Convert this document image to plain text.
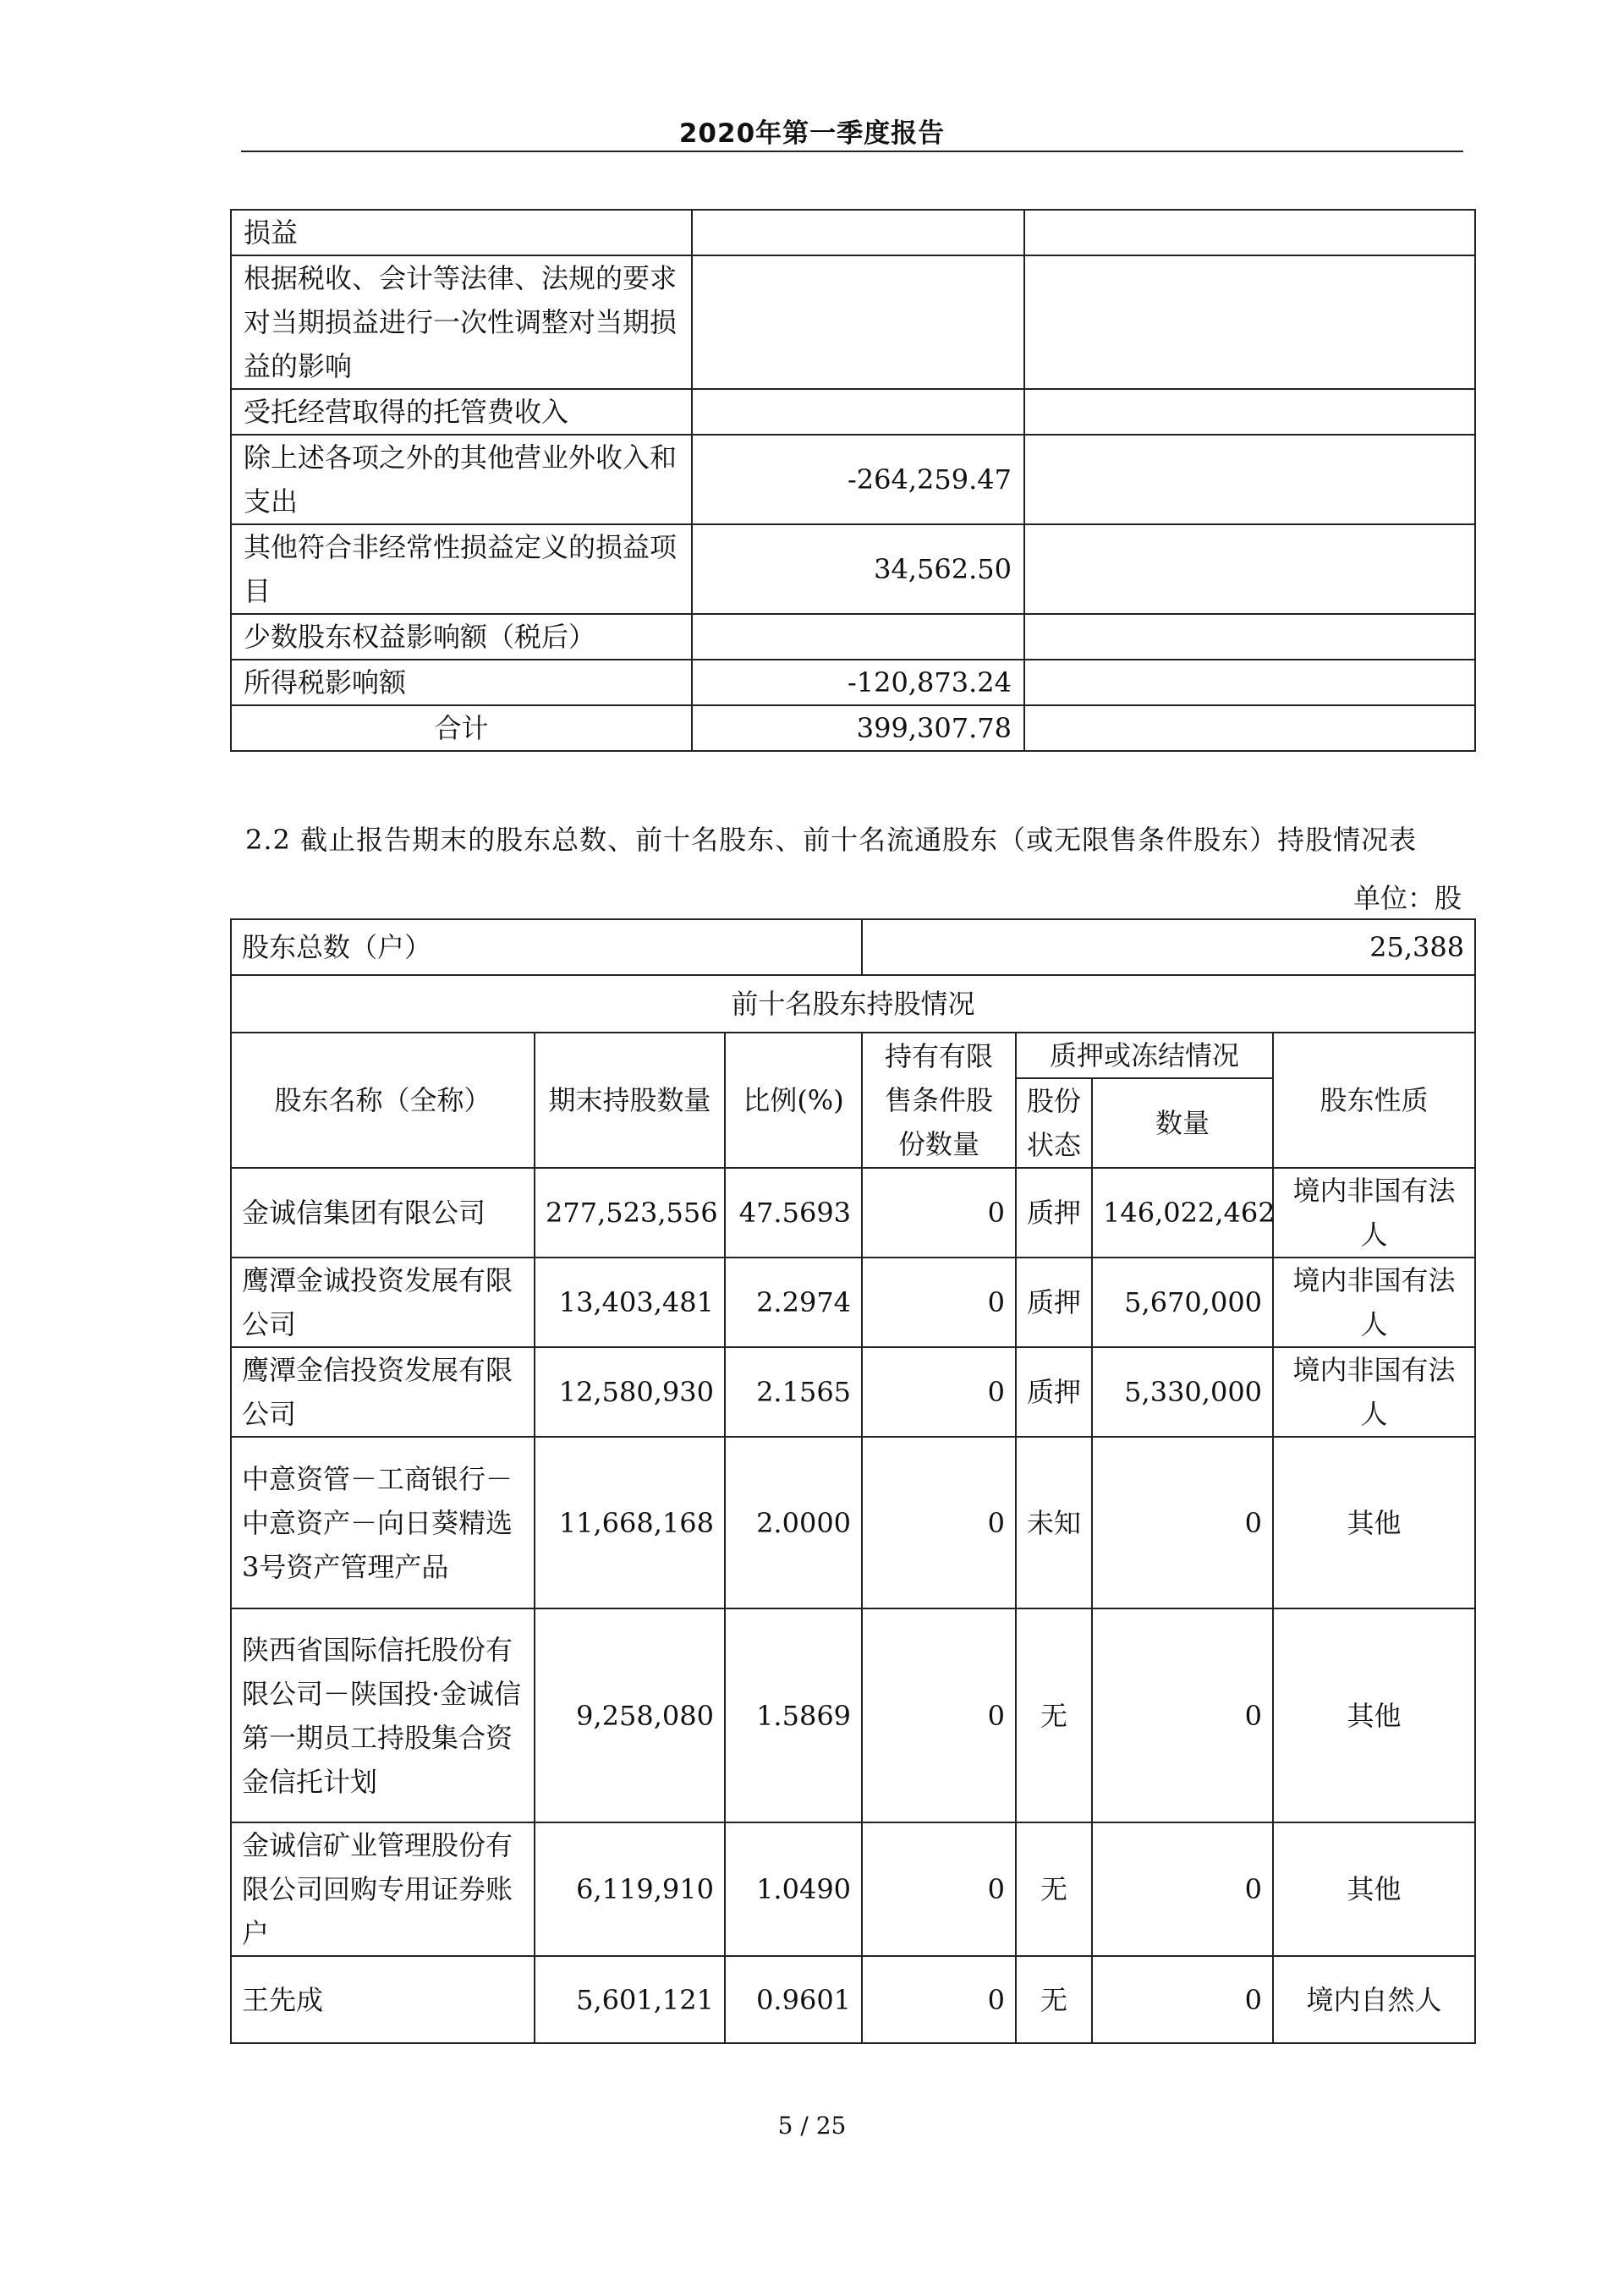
2020年第一季度报告
损益		
根据税收、会计等法律、法规的要求对当期损益进行一次性调整对当期损益的影响		
受托经营取得的托管费收入		
除上述各项之外的其他营业外收入和支出	-264,259.47	
其他符合非经常性损益定义的损益项目	34,562.50	
少数股东权益影响额（税后）		
所得税影响额	-120,873.24	
合计	399,307.78	
2.2 截止报告期末的股东总数、前十名股东、前十名流通股东（或无限售条件股东）持股情况表
单位：股
股东总数（户）			25,388			
前十名股东持股情况						
股东名称（全称）	期末持股数量	比例(%)	持有有限售条件股份数量	质押或冻结情况		股东性质
				股份状态	数量	
金诚信集团有限公司	277,523,556	47.5693	0	质押	146,022,462	境内非国有法人
鹰潭金诚投资发展有限公司	13,403,481	2.2974	0	质押	5,670,000	境内非国有法人
鹰潭金信投资发展有限公司	12,580,930	2.1565	0	质押	5,330,000	境内非国有法人
中意资管－工商银行－中意资产－向日葵精选3号资产管理产品	11,668,168	2.0000	0	未知	0	其他
陕西省国际信托股份有限公司－陕国投·金诚信第一期员工持股集合资金信托计划	9,258,080	1.5869	0	无	0	其他
金诚信矿业管理股份有限公司回购专用证券账户	6,119,910	1.0490	0	无	0	其他
王先成	5,601,121	0.9601	0	无	0	境内自然人
5 / 25
